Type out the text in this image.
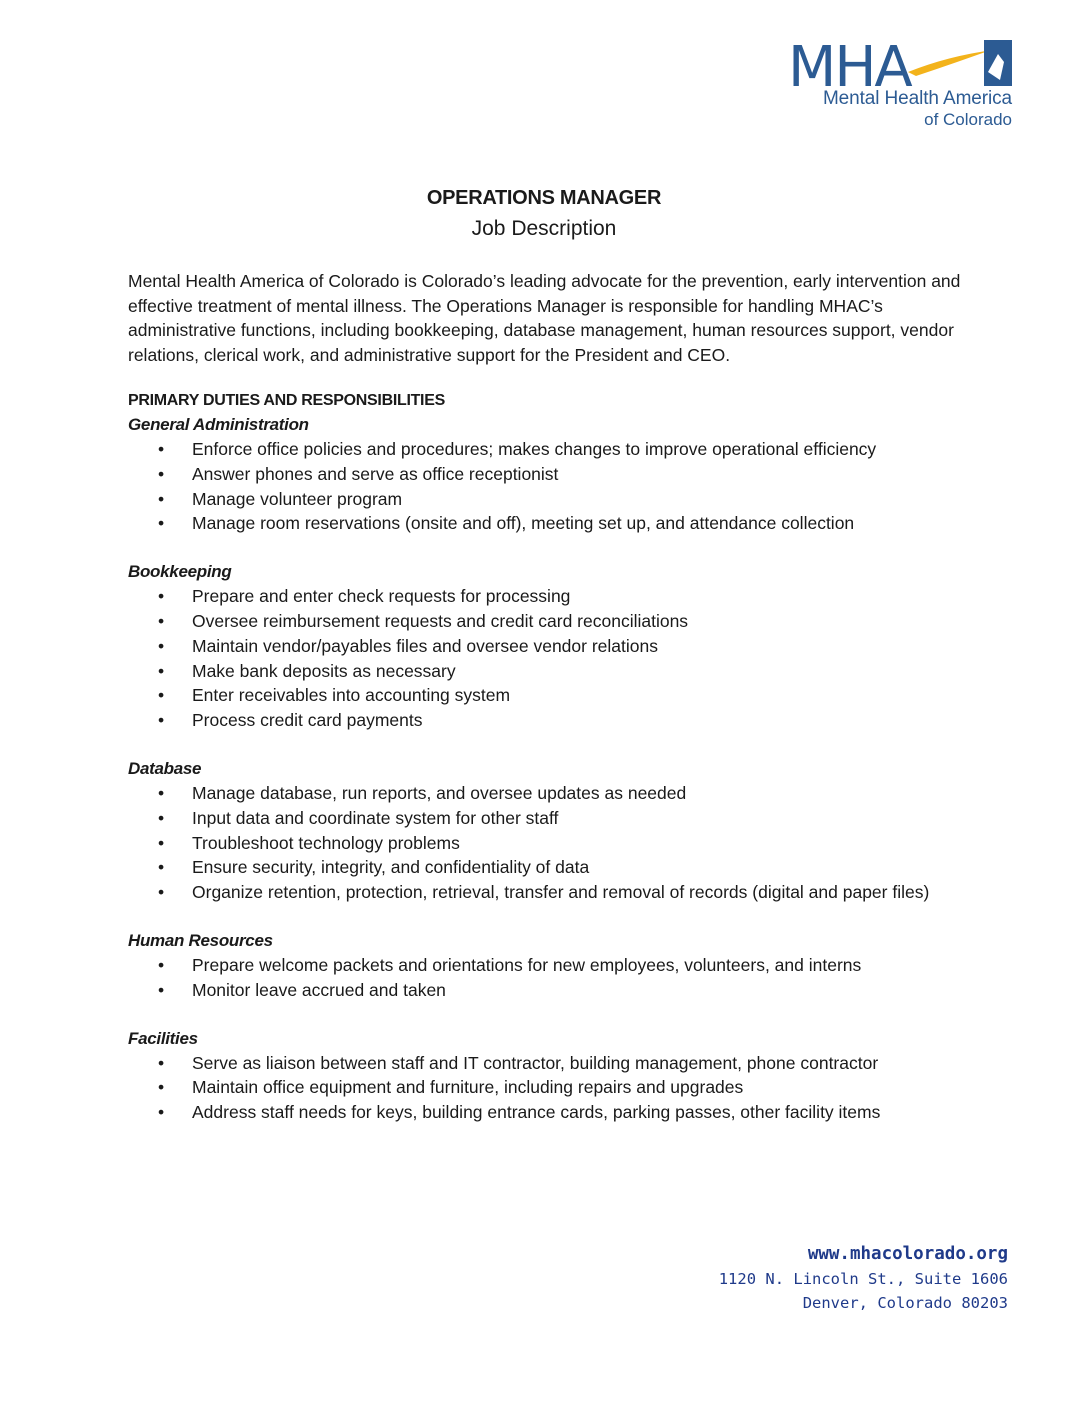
MHA
Mental Health America
of Colorado
OPERATIONS MANAGER
Job Description

Mental Health America of Colorado is Colorado’s leading advocate for the prevention, early intervention and effective treatment of mental illness. The Operations Manager is responsible for handling MHAC’s administrative functions, including bookkeeping, database management, human resources support, vendor relations, clerical work, and administrative support for the President and CEO.

PRIMARY DUTIES AND RESPONSIBILITIES
General Administration
• Enforce office policies and procedures; makes changes to improve operational efficiency
• Answer phones and serve as office receptionist
• Manage volunteer program
• Manage room reservations (onsite and off), meeting set up, and attendance collection
Bookkeeping
• Prepare and enter check requests for processing
• Oversee reimbursement requests and credit card reconciliations
• Maintain vendor/payables files and oversee vendor relations
• Make bank deposits as necessary
• Enter receivables into accounting system
• Process credit card payments
Database
• Manage database, run reports, and oversee updates as needed
• Input data and coordinate system for other staff
• Troubleshoot technology problems
• Ensure security, integrity, and confidentiality of data
• Organize retention, protection, retrieval, transfer and removal of records (digital and paper files)
Human Resources
• Prepare welcome packets and orientations for new employees, volunteers, and interns
• Monitor leave accrued and taken
Facilities
• Serve as liaison between staff and IT contractor, building management, phone contractor
• Maintain office equipment and furniture, including repairs and upgrades
• Address staff needs for keys, building entrance cards, parking passes, other facility items
www.mhacolorado.org
1120 N. Lincoln St., Suite 1606
Denver, Colorado 80203
